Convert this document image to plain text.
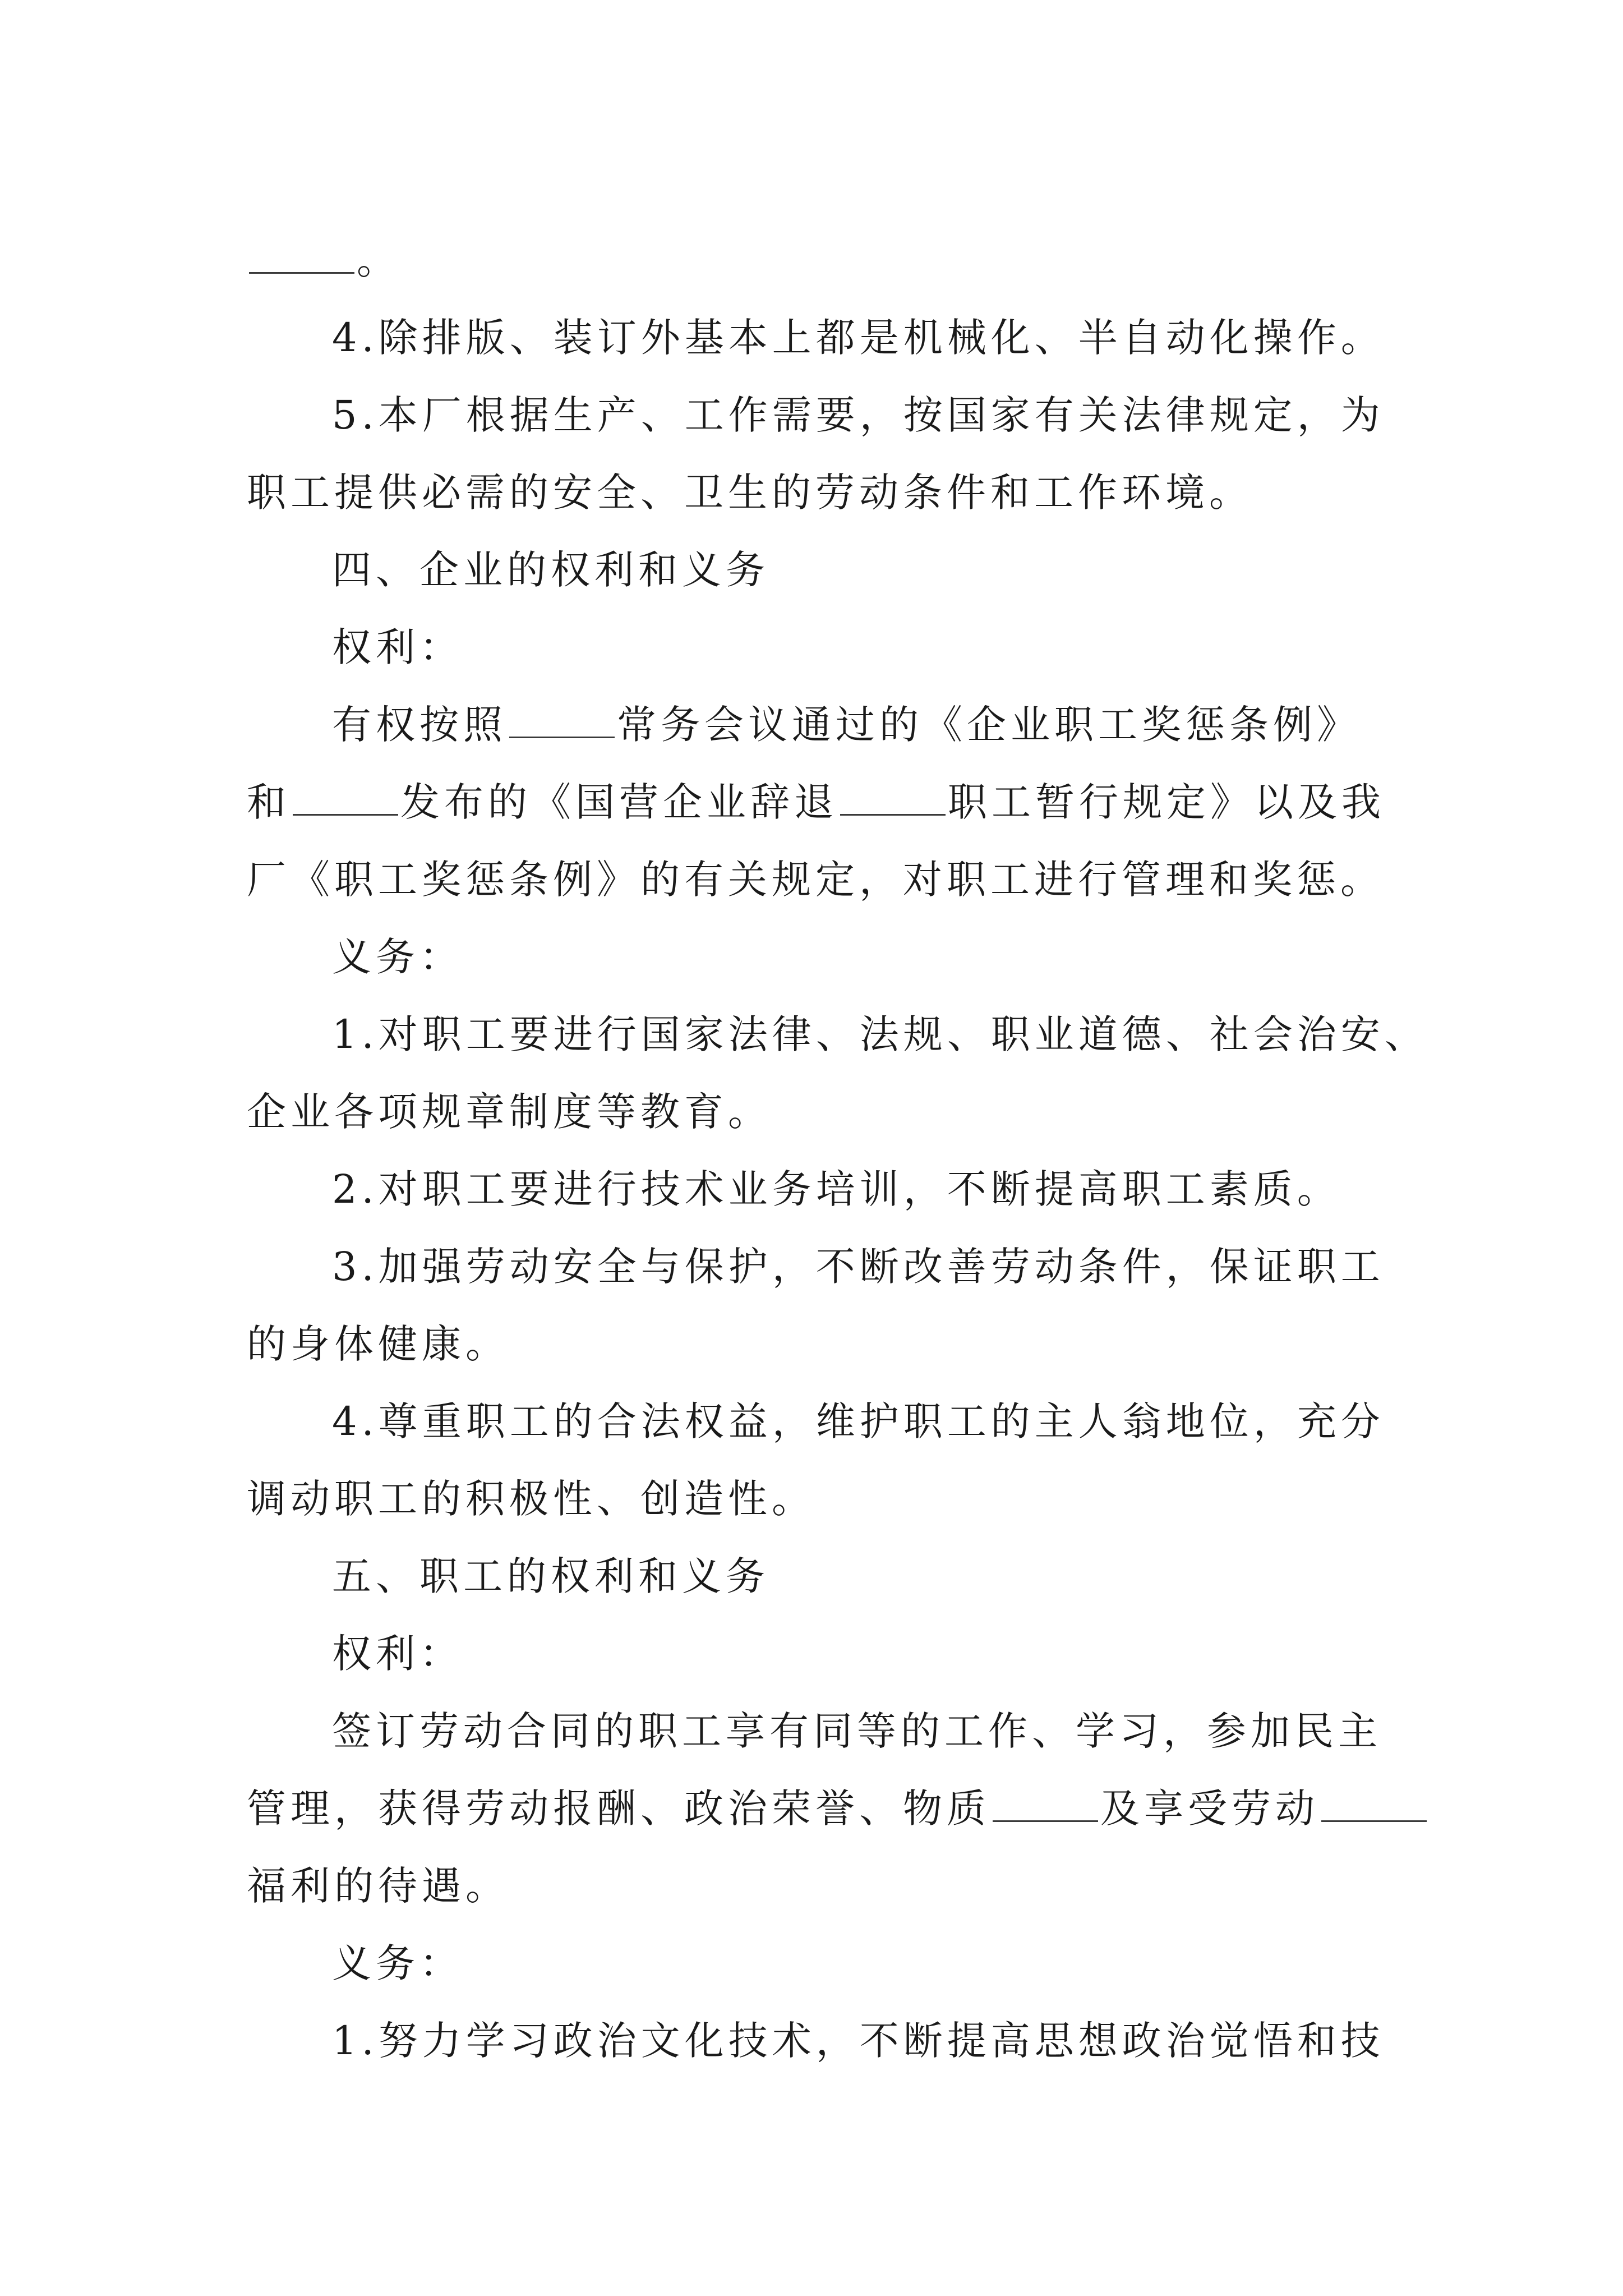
。
4.除排版、装订外基本上都是机械化、半自动化操作。
5.本厂根据生产、工作需要，按国家有关法律规定，为
职工提供必需的安全、卫生的劳动条件和工作环境。
四、企业的权利和义务
权利：
有权按照	常务会议通过的《企业职工奖惩条例》
和	发布的《国营企业辞退	职工暂行规定》以及我
厂《职工奖惩条例》的有关规定，对职工进行管理和奖惩。
义务：
1.对职工要进行国家法律、法规、职业道德、社会治安、
企业各项规章制度等教育。
2.对职工要进行技术业务培训，不断提高职工素质。
3.加强劳动安全与保护，不断改善劳动条件，保证职工
的身体健康。
4.尊重职工的合法权益，维护职工的主人翁地位，充分
调动职工的积极性、创造性。
五、职工的权利和义务
权利：
签订劳动合同的职工享有同等的工作、学习，参加民主
管理，获得劳动报酬、政治荣誉、物质	及享受劳动
福利的待遇。
义务：
1.努力学习政治文化技术，不断提高思想政治觉悟和技
